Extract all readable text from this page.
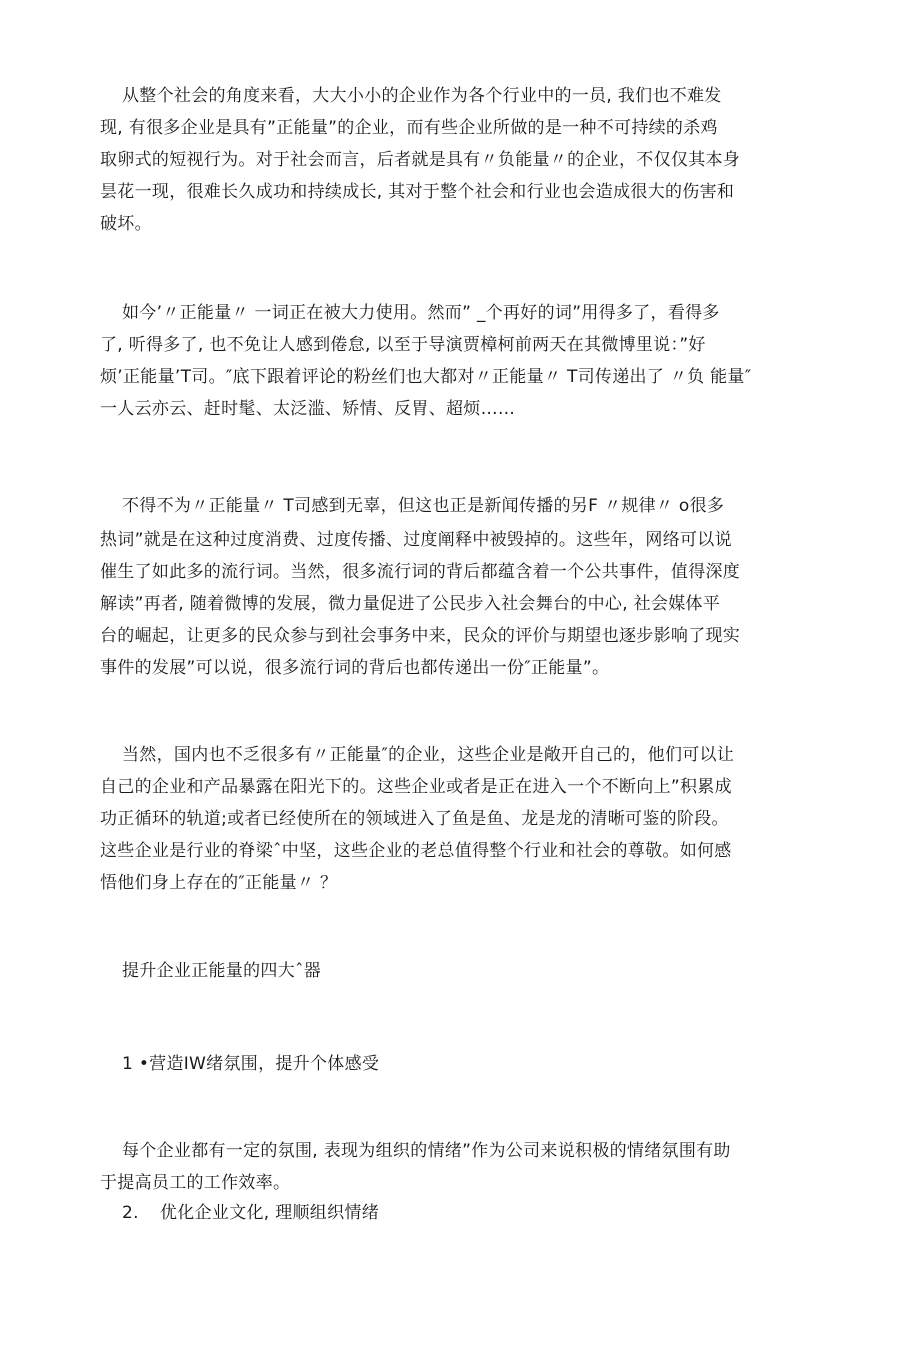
从整个社会的角度来看，大大小小的企业作为各个行业中的一员, 我们也不难发
现, 有很多企业是具有”正能量”的企业，而有些企业所做的是一种不可持续的杀鸡
取卵式的短视行为。对于社会而言，后者就是具有〃负能量〃的企业，不仅仅其本身
昙花一现，很难长久成功和持续成长, 其对于整个社会和行业也会造成很大的伤害和
破坏。
如今’〃正能量〃 一词正在被大力使用。然而” _个再好的词”用得多了，看得多
了, 听得多了, 也不免让人感到倦怠, 以至于导演贾樟柯前两天在其微博里说：”好
烦’正能量’T司。″底下跟着评论的粉丝们也大都对〃正能量〃 T司传递出了 〃负 能量″
一人云亦云、赶时髦、太泛滥、矫情、反胃、超烦……
不得不为〃正能量〃 T司感到无辜，但这也正是新闻传播的另F 〃规律〃 o很多
热词”就是在这种过度消费、过度传播、过度阐释中被毁掉的。这些年，网络可以说
催生了如此多的流行词。当然，很多流行词的背后都蕴含着一个公共事件，值得深度
解读”再者, 随着微博的发展，微力量促进了公民步入社会舞台的中心, 社会媒体平
台的崛起，让更多的民众参与到社会事务中来，民众的评价与期望也逐步影响了现实
事件的发展”可以说，很多流行词的背后也都传递出一份″正能量”。
当然，国内也不乏很多有〃正能量″的企业，这些企业是敞开自己的，他们可以让
自己的企业和产品暴露在阳光下的。这些企业或者是正在进入一个不断向上”积累成
功正循环的轨道;或者已经使所在的领域进入了鱼是鱼、龙是龙的清晰可鉴的阶段。
这些企业是行业的脊梁ˆ中坚，这些企业的老总值得整个行业和社会的尊敬。如何感
悟他们身上存在的″正能量〃 ？
提升企业正能量的四大ˆ器
1 •营造IW绪氛围，提升个体感受
每个企业都有一定的氛围, 表现为组织的情绪”作为公司来说积极的情绪氛围有助
于提高员工的工作效率。
2. 优化企业文化, 理顺组织情绪
